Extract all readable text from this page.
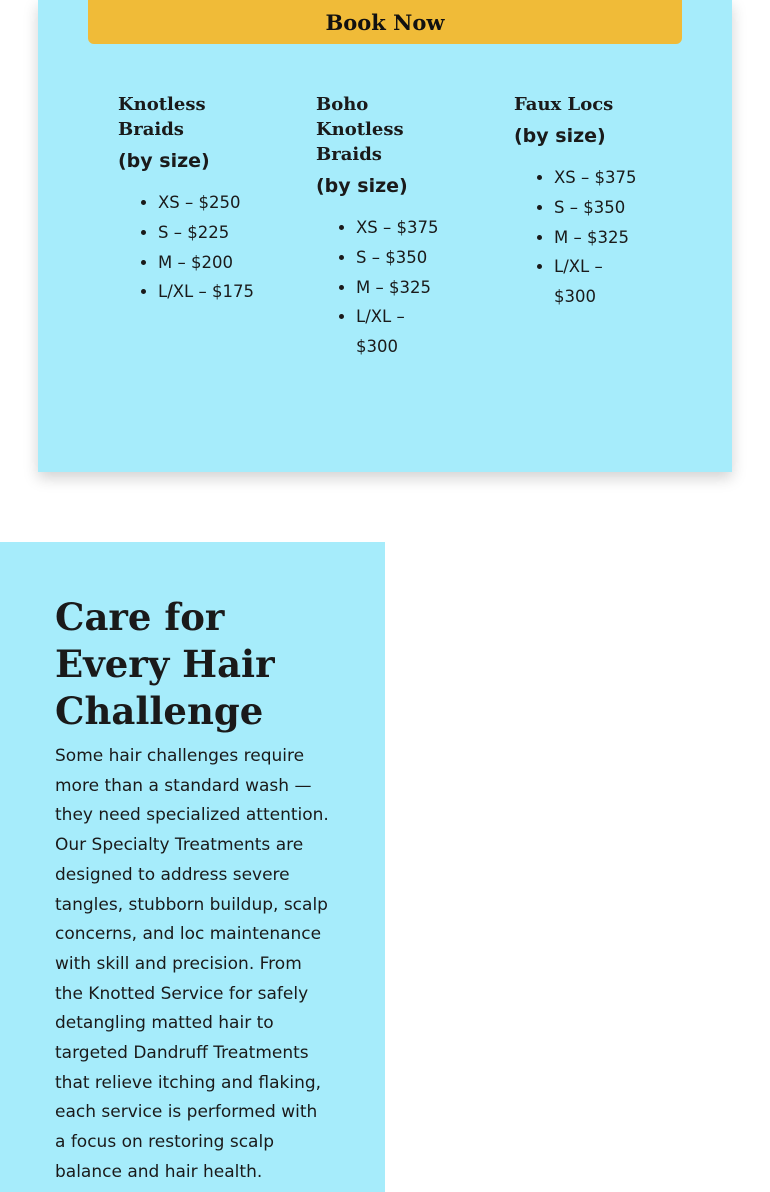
Book Now
Knotless Braids

(by size)

• XS – $250
• S – $225
• M – $200
• L/XL – $175
Boho Knotless Braids

(by size)

• XS – $375
• S – $350
• M – $325
• L/XL – $300
Faux Locs

(by size)

• XS – $375
• S – $350
• M – $325
• L/XL – $300
Care for Every Hair Challenge

Some hair challenges require more than a standard wash — they need specialized attention. Our Specialty Treatments are designed to address severe tangles, stubborn buildup, scalp concerns, and loc maintenance with skill and precision. From the Knotted Service for safely detangling matted hair to targeted Dandruff Treatments that relieve itching and flaking, each service is performed with a focus on restoring scalp balance and hair health.
